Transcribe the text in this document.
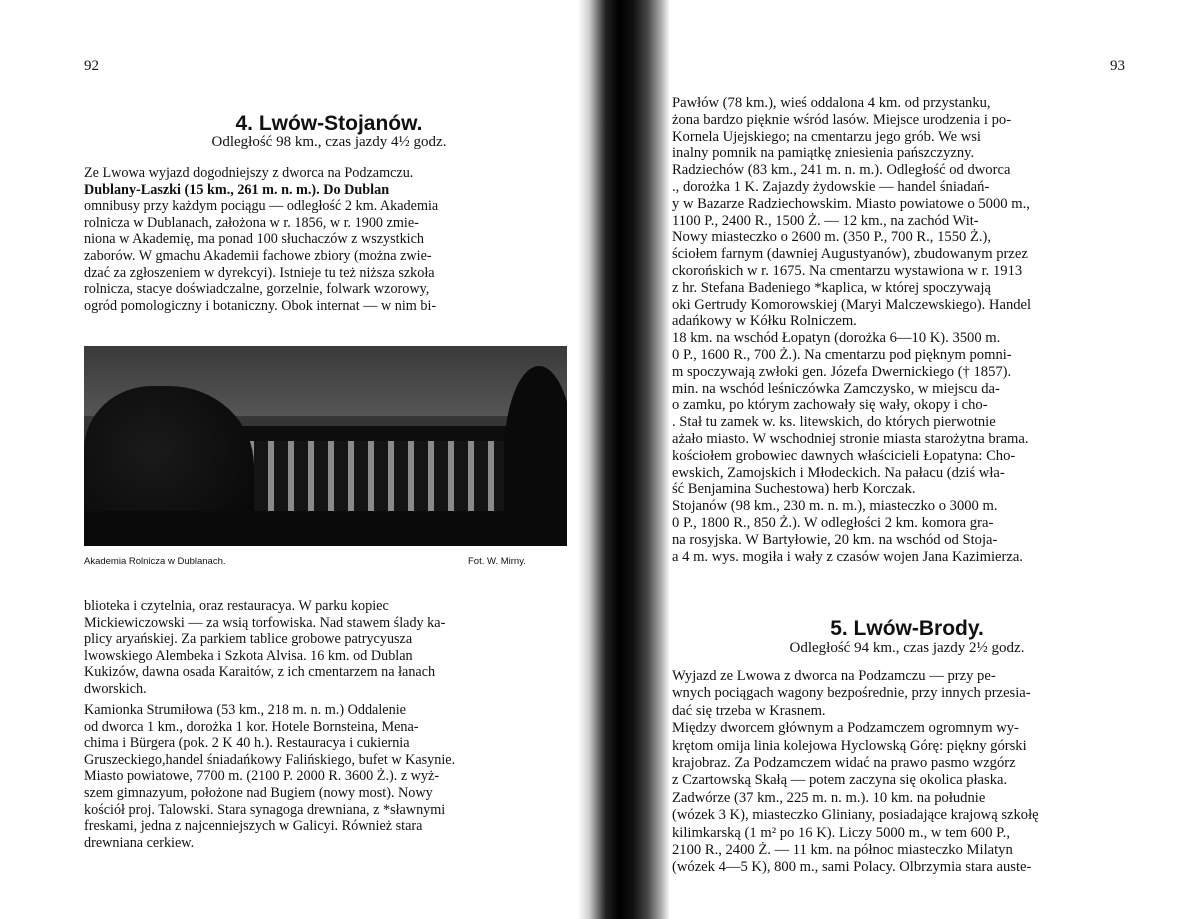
92
4. Lwów-Stojanów.
Odległość 98 km., czas jazdy 4½ godz.
Ze Lwowa wyjazd dogodniejszy z dworca na Podzamczu.
Dublany-Laszki (15 km., 261 m. n. m.). Do Dublan
omnibusy przy każdym pociągu — odległość 2 km. Akademia
rolnicza w Dublanach, założona w r. 1856, w r. 1900 zmie-
niona w Akademię, ma ponad 100 słuchaczów z wszystkich
zaborów. W gmachu Akademii fachowe zbiory (można zwie-
dzać za zgłoszeniem w dyrekcyi). Istnieje tu też niższa szkoła
rolnicza, stacye doświadczalne, gorzelnie, folwark wzorowy,
ogród pomologiczny i botaniczny. Obok internat — w nim bi-
Akademia Rolnicza w Dublanach.	Fot. W. Mirny.
blioteka i czytelnia, oraz restauracya. W parku kopiec
Mickiewiczowski — za wsią torfowiska. Nad stawem ślady ka-
plicy aryańskiej. Za parkiem tablice grobowe patrycyusza
lwowskiego Alembeka i Szkota Alvisa. 16 km. od Dublan
Kukizów, dawna osada Karaitów, z ich cmentarzem na łanach
dworskich.
Kamionka Strumiłowa (53 km., 218 m. n. m.) Oddalenie
od dworca 1 km., dorożka 1 kor. Hotele Bornsteina, Mena-
chima i Bürgera (pok. 2 K 40 h.). Restauracya i cukiernia
Gruszeckiego,handel śniadańkowy Falińskiego, bufet w Kasynie.
Miasto powiatowe, 7700 m. (2100 P. 2000 R. 3600 Ż.). z wyż-
szem gimnazyum, położone nad Bugiem (nowy most). Nowy
kościół proj. Talowski. Stara synagoga drewniana, z *sławnymi
freskami, jedna z najcenniejszych w Galicyi. Również stara
drewniana cerkiew.
93
Pawłów (78 km.), wieś oddalona 4 km. od przystanku,
żona bardzo pięknie wśród lasów. Miejsce urodzenia i po-
Kornela Ujejskiego; na cmentarzu jego grób. We wsi
inalny pomnik na pamiątkę zniesienia pańszczyzny.
Radziechów (83 km., 241 m. n. m.). Odległość od dworca
., dorożka 1 K. Zajazdy żydowskie — handel śniadań-
y w Bazarze Radziechowskim. Miasto powiatowe o 5000 m.,
1100 P., 2400 R., 1500 Ż. — 12 km., na zachód Wit-
Nowy miasteczko o 2600 m. (350 P., 700 R., 1550 Ż.),
ściołem farnym (dawniej Augustyanów), zbudowanym przez
ckorońskich w r. 1675. Na cmentarzu wystawiona w r. 1913
z hr. Stefana Badeniego *kaplica, w której spoczywają
oki Gertrudy Komorowskiej (Maryi Malczewskiego). Handel
adańkowy w Kółku Rolniczem.
18 km. na wschód Łopatyn (dorożka 6—10 K). 3500 m.
0 P., 1600 R., 700 Ż.). Na cmentarzu pod pięknym pomni-
m spoczywają zwłoki gen. Józefa Dwernickiego († 1857).
min. na wschód leśniczówka Zamczysko, w miejscu da-
o zamku, po którym zachowały się wały, okopy i cho-
. Stał tu zamek w. ks. litewskich, do których pierwotnie
ażało miasto. W wschodniej stronie miasta starożytna brama.
kościołem grobowiec dawnych właścicieli Łopatyna: Cho-
ewskich, Zamojskich i Młodeckich. Na pałacu (dziś wła-
ść Benjamina Suchestowa) herb Korczak.
Stojanów (98 km., 230 m. n. m.), miasteczko o 3000 m.
0 P., 1800 R., 850 Ż.). W odległości 2 km. komora gra-
na rosyjska. W Bartyłowie, 20 km. na wschód od Stoja-
a 4 m. wys. mogiła i wały z czasów wojen Jana Kazimierza.
5. Lwów-Brody.
Odległość 94 km., czas jazdy 2½ godz.
Wyjazd ze Lwowa z dworca na Podzamczu — przy pe-
wnych pociągach wagony bezpośrednie, przy innych przesia-
dać się trzeba w Krasnem.
Między dworcem głównym a Podzamczem ogromnym wy-
krętom omija linia kolejowa Hyclowską Górę: piękny górski
krajobraz. Za Podzamczem widać na prawo pasmo wzgórz
z Czartowską Skałą — potem zaczyna się okolica płaska.
Zadwórze (37 km., 225 m. n. m.). 10 km. na południe
(wózek 3 K), miasteczko Gliniany, posiadające krajową szkołę
kilimkarską (1 m² po 16 K). Liczy 5000 m., w tem 600 P.,
2100 R., 2400 Ż. — 11 km. na północ miasteczko Milatyn
(wózek 4—5 K), 800 m., sami Polacy. Olbrzymia stara auste-
